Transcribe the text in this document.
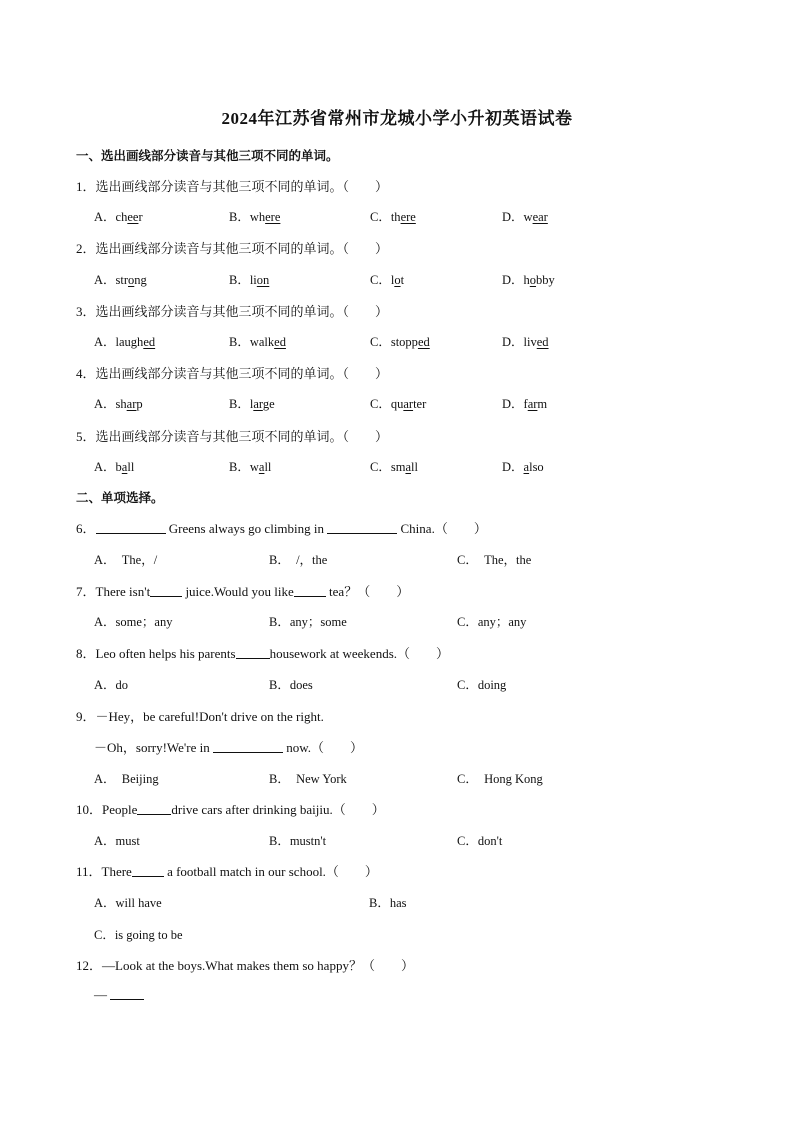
2024年江苏省常州市龙城小学小升初英语试卷
一、选出画线部分读音与其他三项不同的单词。
1．选出画线部分读音与其他三项不同的单词。（　　）
A．cheer	B．where	C．there	D．wear
2．选出画线部分读音与其他三项不同的单词。（　　）
A．strong	B．lion	C．lot	D．hobby
3．选出画线部分读音与其他三项不同的单词。（　　）
A．laughed	B．walked	C．stopped	D．lived
4．选出画线部分读音与其他三项不同的单词。（　　）
A．sharp	B．large	C．quarter	D．farm
5．选出画线部分读音与其他三项不同的单词。（　　）
A．ball	B．wall	C．small	D．also
二、单项选择。
6．	Greens always go climbing in	China.（　　）
A．　The，/	B．　/，the	C．　The，the
7．There isn't juice.Would you like tea？（　　）
A．some；any	B．any；some	C．any；any
8．Leo often helps his parents	housework at weekends.（　　）
A．do	B．does	C．doing
9．－Hey，be careful!Don't drive on the right.
－Oh，sorry!We're in	now.（　　）
A．　Beijing	B．　New York	C．　Hong Kong
10．People	drive cars after drinking baijiu.（　　）
A．must	B．mustn't	C．don't
11．There a football match in our school.（　　）
A．will have	B．has
C．is going to be
12．—Look at the boys.What makes them so happy？（　　）
—
